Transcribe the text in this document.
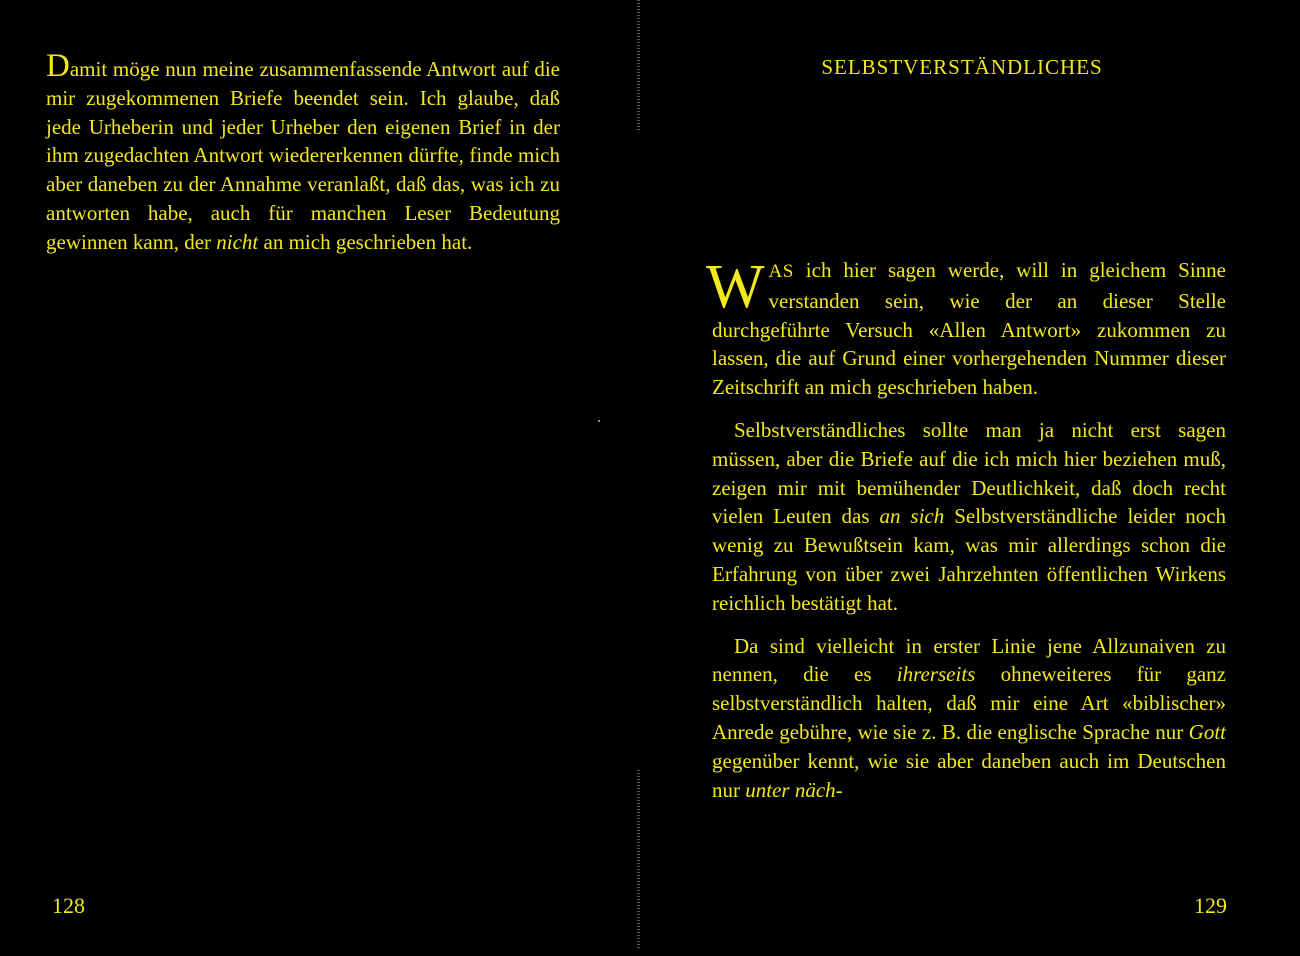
Damit möge nun meine zusammenfassende Antwort auf die mir zugekommenen Briefe beendet sein. Ich glaube, daß jede Urheberin und jeder Urheber den eigenen Brief in der ihm zugedachten Antwort wiedererkennen dürfte, finde mich aber daneben zu der Annahme veranlaßt, daß das, was ich zu antworten habe, auch für manchen Leser Bedeutung gewinnen kann, der nicht an mich geschrieben hat.

128
SELBSTVERSTÄNDLICHES

WAS ich hier sagen werde, will in gleichem Sinne verstanden sein, wie der an dieser Stelle durchgeführte Versuch «Allen Antwort» zukommen zu lassen, die auf Grund einer vorhergehenden Nummer dieser Zeitschrift an mich geschrieben haben.

Selbstverständliches sollte man ja nicht erst sagen müssen, aber die Briefe auf die ich mich hier beziehen muß, zeigen mir mit bemühender Deutlichkeit, daß doch recht vielen Leuten das an sich Selbstverständliche leider noch wenig zu Bewußtsein kam, was mir allerdings schon die Erfahrung von über zwei Jahrzehnten öffentlichen Wirkens reichlich bestätigt hat.

Da sind vielleicht in erster Linie jene Allzunaiven zu nennen, die es ihrerseits ohneweiteres für ganz selbstverständlich halten, daß mir eine Art «biblischer» Anrede gebühre, wie sie z. B. die englische Sprache nur Gott gegenüber kennt, wie sie aber daneben auch im Deutschen nur unter näch-

129
